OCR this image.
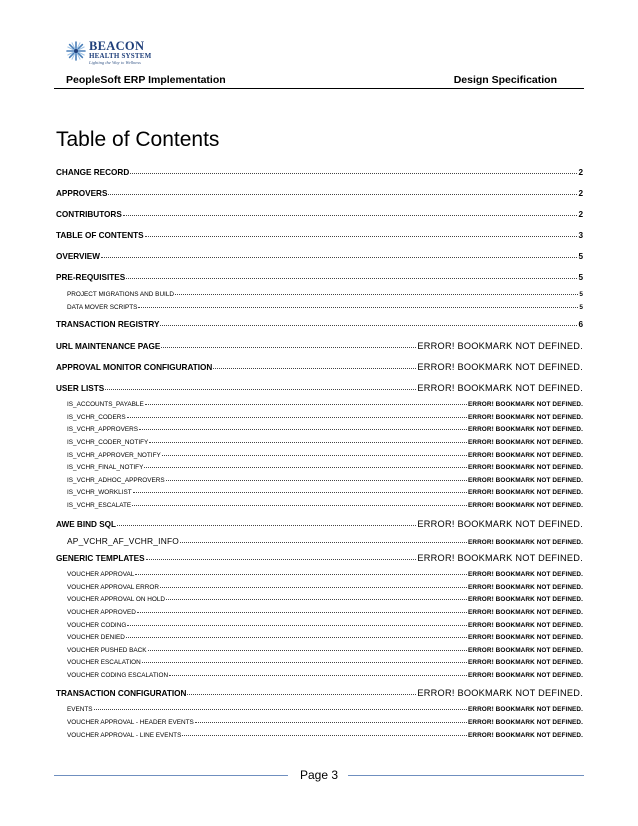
BEACON
HEALTH SYSTEM
Lighting the Way to Wellness
PeopleSoft ERP Implementation	Design Specification
Table of Contents
CHANGE RECORD	2
APPROVERS	2
CONTRIBUTORS	2
TABLE OF CONTENTS	3
OVERVIEW	5
PRE-REQUISITES	5
PROJECT MIGRATIONS AND BUILD	5
DATA MOVER SCRIPTS	5
TRANSACTION REGISTRY	6
URL MAINTENANCE PAGE	ERROR! BOOKMARK NOT DEFINED.
APPROVAL MONITOR CONFIGURATION	ERROR! BOOKMARK NOT DEFINED.
USER LISTS	ERROR! BOOKMARK NOT DEFINED.
IS_ACCOUNTS_PAYABLE	ERROR! BOOKMARK NOT DEFINED.
IS_VCHR_CODERS	ERROR! BOOKMARK NOT DEFINED.
IS_VCHR_APPROVERS	ERROR! BOOKMARK NOT DEFINED.
IS_VCHR_CODER_NOTIFY	ERROR! BOOKMARK NOT DEFINED.
IS_VCHR_APPROVER_NOTIFY	ERROR! BOOKMARK NOT DEFINED.
IS_VCHR_FINAL_NOTIFY	ERROR! BOOKMARK NOT DEFINED.
IS_VCHR_ADHOC_APPROVERS	ERROR! BOOKMARK NOT DEFINED.
IS_VCHR_WORKLIST	ERROR! BOOKMARK NOT DEFINED.
IS_VCHR_ESCALATE	ERROR! BOOKMARK NOT DEFINED.
AWE BIND SQL	ERROR! BOOKMARK NOT DEFINED.
AP_VCHR_AF_VCHR_INFO	ERROR! BOOKMARK NOT DEFINED.
GENERIC TEMPLATES	ERROR! BOOKMARK NOT DEFINED.
VOUCHER APPROVAL	ERROR! BOOKMARK NOT DEFINED.
VOUCHER APPROVAL ERROR	ERROR! BOOKMARK NOT DEFINED.
VOUCHER APPROVAL ON HOLD	ERROR! BOOKMARK NOT DEFINED.
VOUCHER APPROVED	ERROR! BOOKMARK NOT DEFINED.
VOUCHER CODING	ERROR! BOOKMARK NOT DEFINED.
VOUCHER DENIED	ERROR! BOOKMARK NOT DEFINED.
VOUCHER PUSHED BACK	ERROR! BOOKMARK NOT DEFINED.
VOUCHER ESCALATION	ERROR! BOOKMARK NOT DEFINED.
VOUCHER CODING ESCALATION	ERROR! BOOKMARK NOT DEFINED.
TRANSACTION CONFIGURATION	ERROR! BOOKMARK NOT DEFINED.
EVENTS	ERROR! BOOKMARK NOT DEFINED.
VOUCHER APPROVAL - HEADER EVENTS	ERROR! BOOKMARK NOT DEFINED.
VOUCHER APPROVAL - LINE EVENTS	ERROR! BOOKMARK NOT DEFINED.
Page 3
